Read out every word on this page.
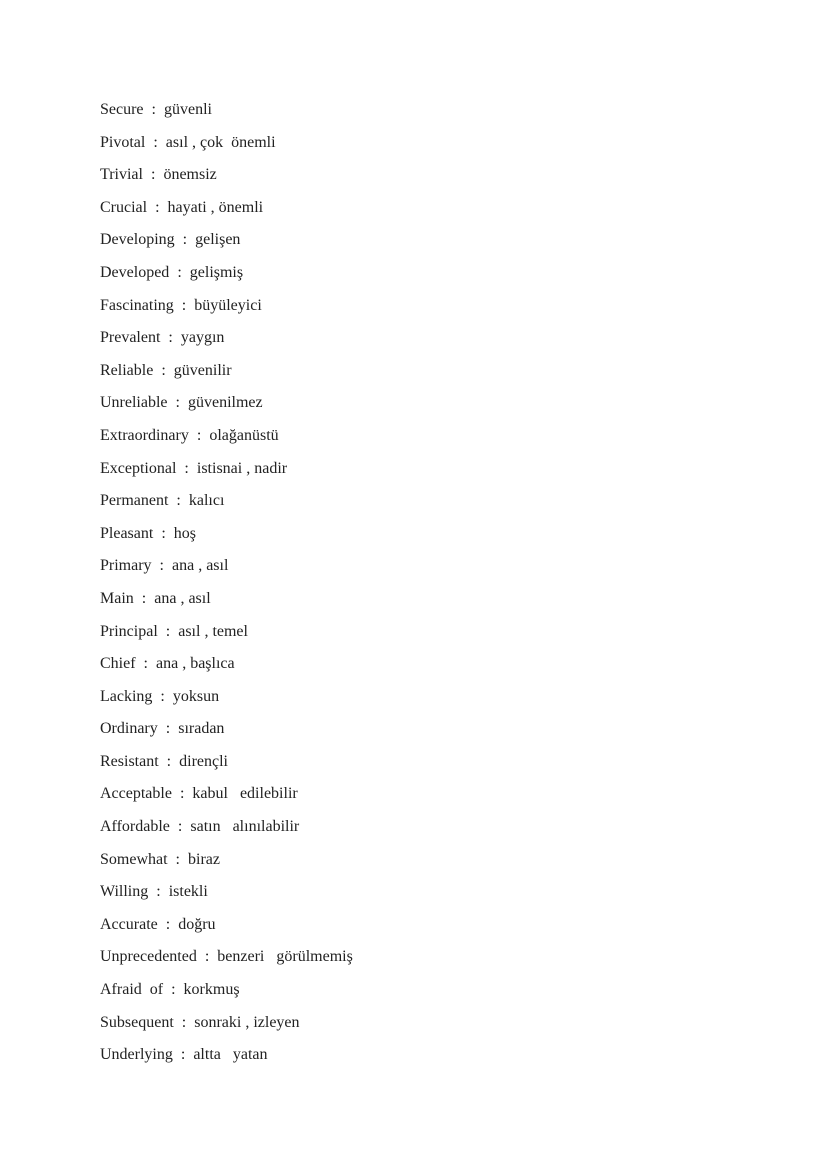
Secure : güvenli
Pivotal : asıl , çok  önemli
Trivial : önemsiz
Crucial : hayati , önemli
Developing : gelişen
Developed : gelişmiş
Fascinating : büyüleyici
Prevalent : yaygın
Reliable : güvenilir
Unreliable : güvenilmez
Extraordinary : olağanüstü
Exceptional : istisnai , nadir
Permanent : kalıcı
Pleasant : hoş
Primary : ana , asıl
Main : ana , asıl
Principal : asıl , temel
Chief : ana , başlıca
Lacking : yoksun
Ordinary : sıradan
Resistant : dirençli
Acceptable : kabul   edilebilir
Affordable : satın   alınılabilir
Somewhat : biraz
Willing : istekli
Accurate : doğru
Unprecedented : benzeri   görülmemiş
Afraid  of : korkmuş
Subsequent : sonraki , izleyen
Underlying : altta   yatan
